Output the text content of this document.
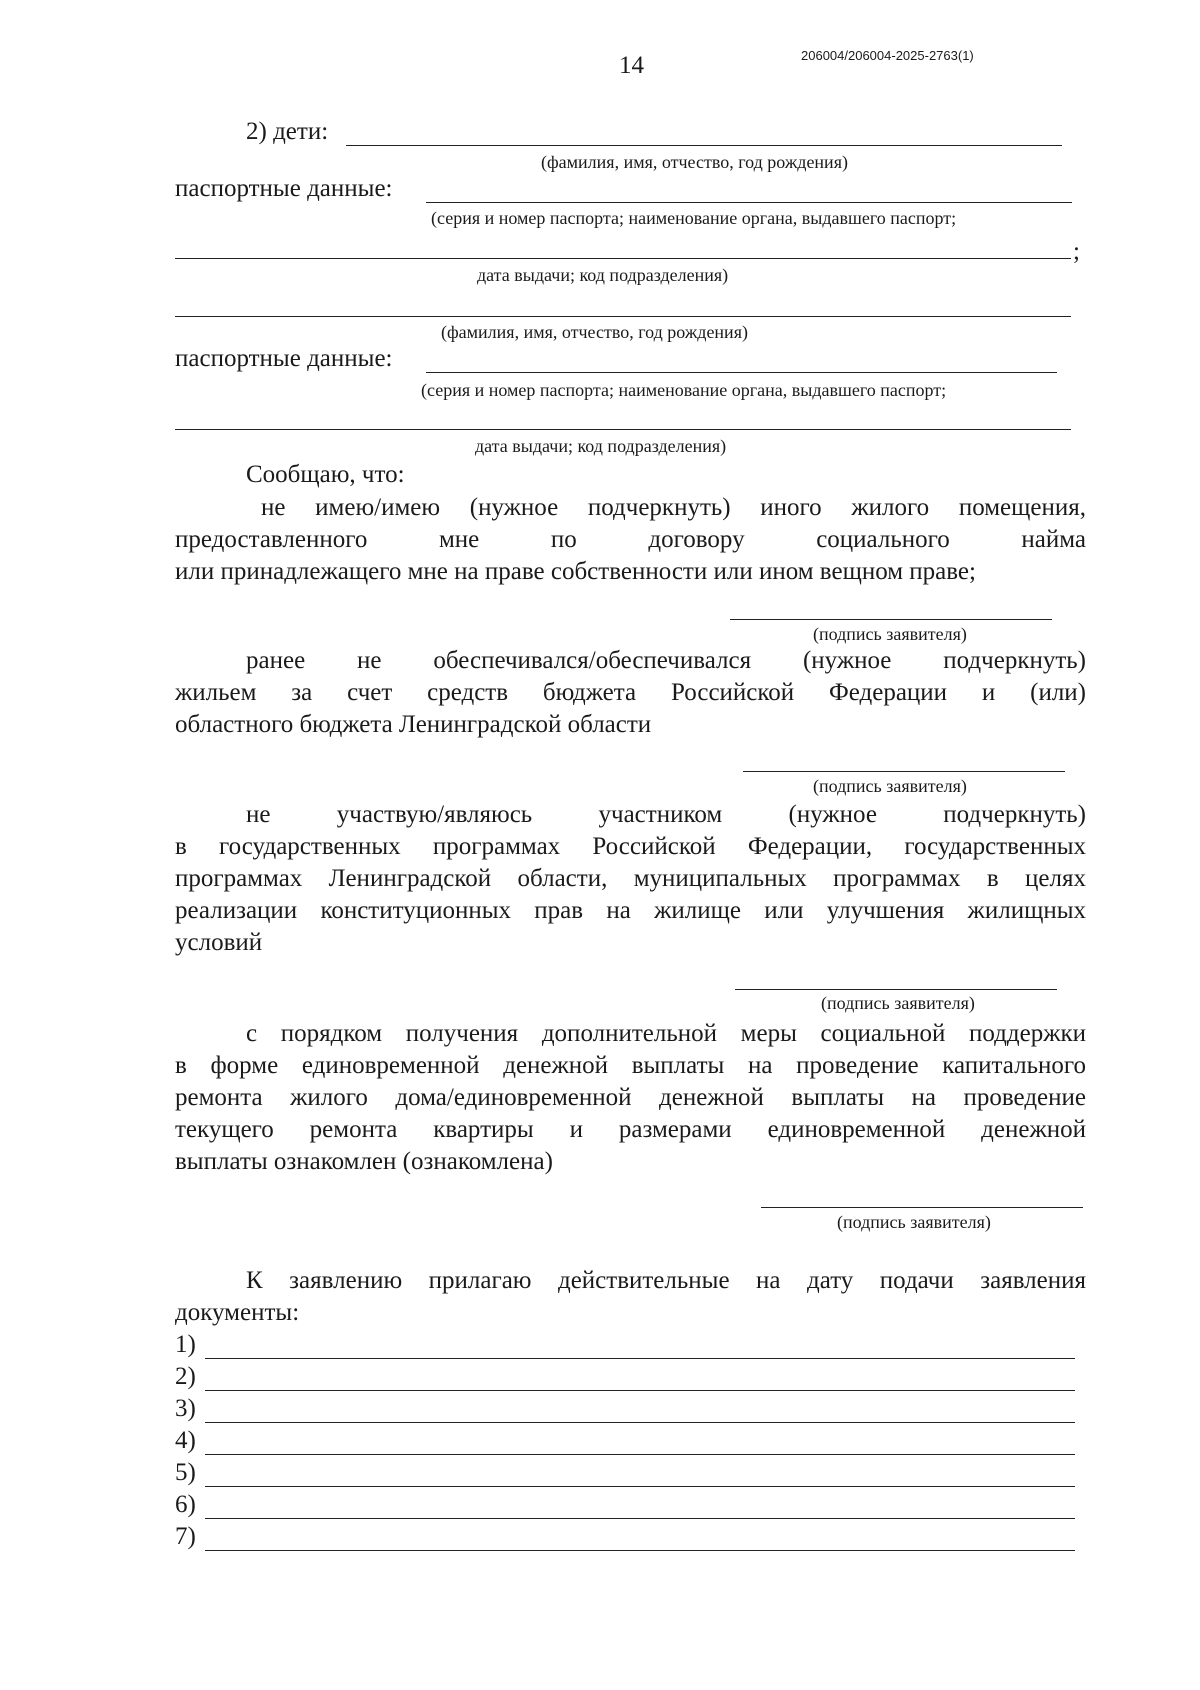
14	206004/206004-2025-2763(1)
2) дети:
(фамилия, имя, отчество, год рождения)
паспортные данные:
(серия и номер паспорта; наименование органа, выдавшего паспорт;
;
дата выдачи; код подразделения)
(фамилия, имя, отчество, год рождения)
паспортные данные:
(серия и номер паспорта; наименование органа, выдавшего паспорт;
дата выдачи; код подразделения)
Сообщаю, что:
не имею/имею (нужное подчеркнуть) иного жилого помещения,
предоставленного мне по договору социального найма
или принадлежащего мне на праве собственности или ином вещном праве;
(подпись заявителя)
ранее не обеспечивался/обеспечивался (нужное подчеркнуть)
жильем за счет средств бюджета Российской Федерации и (или)
областного бюджета Ленинградской области
(подпись заявителя)
не участвую/являюсь участником (нужное подчеркнуть)
в государственных программах Российской Федерации, государственных
программах Ленинградской области, муниципальных программах в целях
реализации конституционных прав на жилище или улучшения жилищных
условий
(подпись заявителя)
с порядком получения дополнительной меры социальной поддержки
в форме единовременной денежной выплаты на проведение капитального
ремонта жилого дома/единовременной денежной выплаты на проведение
текущего ремонта квартиры и размерами единовременной денежной
выплаты ознакомлен (ознакомлена)
(подпись заявителя)
К заявлению прилагаю действительные на дату подачи заявления
документы:
1)
2)
3)
4)
5)
6)
7)
